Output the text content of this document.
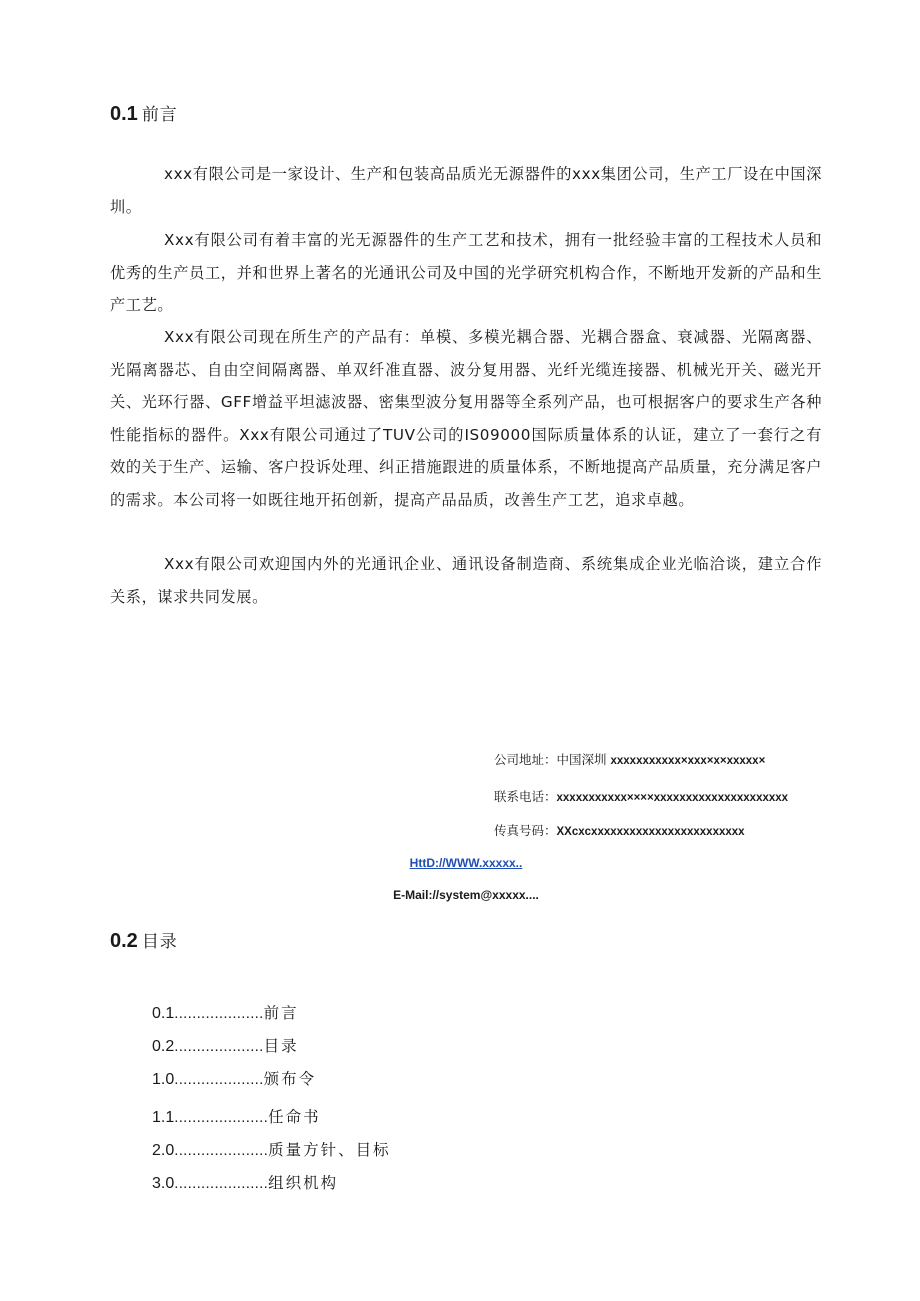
0.1 前言

xxx有限公司是一家设计、生产和包装高品质光无源器件的xxx集团公司，生产工厂设在中国深圳。

Xxx有限公司有着丰富的光无源器件的生产工艺和技术，拥有一批经验丰富的工程技术人员和优秀的生产员工，并和世界上著名的光通讯公司及中国的光学研究机构合作，不断地开发新的产品和生产工艺。

Xxx有限公司现在所生产的产品有：单模、多模光耦合器、光耦合器盒、衰减器、光隔离器、光隔离器芯、自由空间隔离器、单双纤准直器、波分复用器、光纤光缆连接器、机械光开关、磁光开关、光环行器、GFF增益平坦滤波器、密集型波分复用器等全系列产品，也可根据客户的要求生产各种性能指标的器件。Xxx有限公司通过了TUV公司的IS09000国际质量体系的认证，建立了一套行之有效的关于生产、运输、客户投诉处理、纠正措施跟进的质量体系，不断地提高产品质量，充分满足客户的需求。本公司将一如既往地开拓创新，提高产品品质，改善生产工艺，追求卓越。

Xxx有限公司欢迎国内外的光通讯企业、通讯设备制造商、系统集成企业光临洽谈，建立合作关系，谋求共同发展。

公司地址：中国深圳 xxxxxxxxxxx×xxx×x×xxxxx×
联系电话：xxxxxxxxxxx××××xxxxxxxxxxxxxxxxxxxxx
传真号码：XXcxcxxxxxxxxxxxxxxxxxxxxxxxx
HttD://WWW.xxxxx..
E-Mail://system@xxxxx....
0.2 目录
0.1....................前言
0.2....................目录
1.0....................颁布令
1.1.....................任命书
2.0.....................质量方针、目标
3.0.....................组织机构
